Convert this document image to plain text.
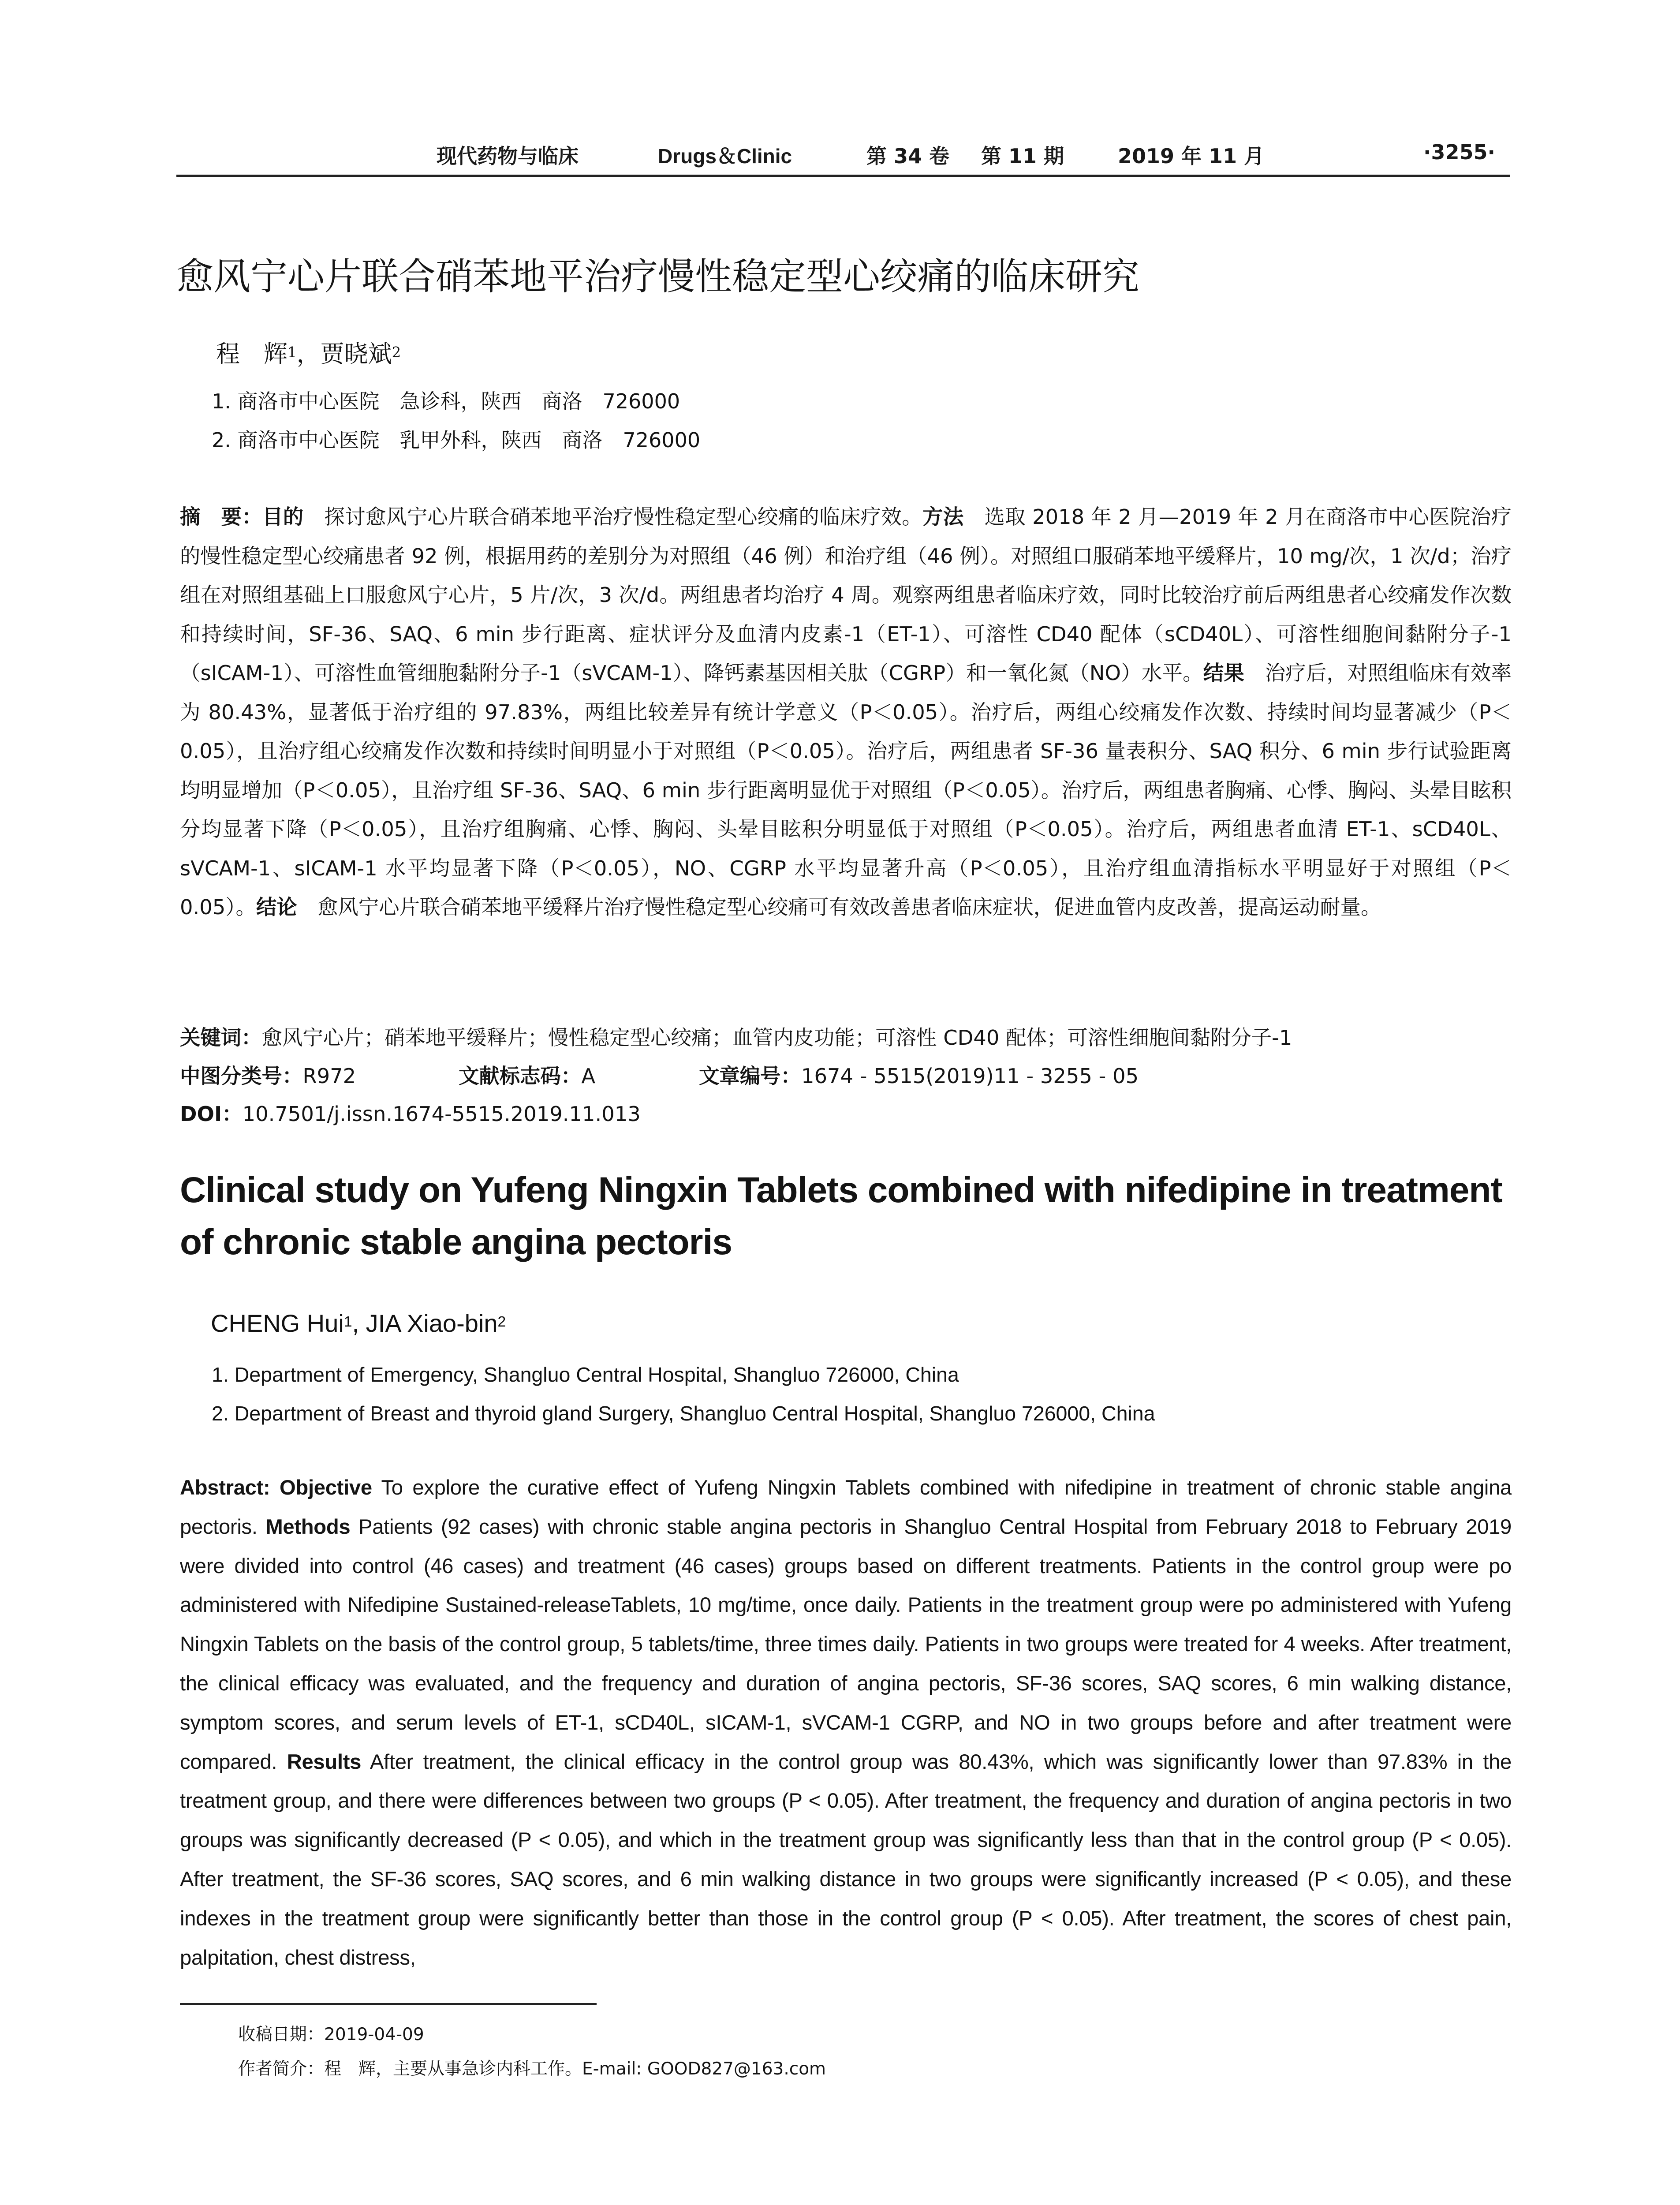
现代药物与临床	Drugs＆Clinic	第 34 卷 第 11 期	2019 年 11 月	·3255·
愈风宁心片联合硝苯地平治疗慢性稳定型心绞痛的临床研究
程　辉$^1$，贾晓斌$^2$
1. 商洛市中心医院　急诊科，陕西　商洛　726000
2. 商洛市中心医院　乳甲外科，陕西　商洛　726000
摘　要：目的　探讨愈风宁心片联合硝苯地平治疗慢性稳定型心绞痛的临床疗效。方法　选取 2018 年 2 月—2019 年 2 月在商洛市中心医院治疗的慢性稳定型心绞痛患者 92 例，根据用药的差别分为对照组（46 例）和治疗组（46 例）。对照组口服硝苯地平缓释片，10 mg/次，1 次/d；治疗组在对照组基础上口服愈风宁心片，5 片/次，3 次/d。两组患者均治疗 4 周。观察两组患者临床疗效，同时比较治疗前后两组患者心绞痛发作次数和持续时间，SF-36、SAQ、6 min 步行距离、症状评分及血清内皮素-1（ET-1）、可溶性 CD40 配体（sCD40L）、可溶性细胞间黏附分子-1（sICAM-1）、可溶性血管细胞黏附分子-1（sVCAM-1）、降钙素基因相关肽（CGRP）和一氧化氮（NO）水平。结果　治疗后，对照组临床有效率为 80.43%，显著低于治疗组的 97.83%，两组比较差异有统计学意义（P＜0.05）。治疗后，两组心绞痛发作次数、持续时间均显著减少（P＜0.05），且治疗组心绞痛发作次数和持续时间明显小于对照组（P＜0.05）。治疗后，两组患者 SF-36 量表积分、SAQ 积分、6 min 步行试验距离均明显增加（P＜0.05），且治疗组 SF-36、SAQ、6 min 步行距离明显优于对照组（P＜0.05）。治疗后，两组患者胸痛、心悸、胸闷、头晕目眩积分均显著下降（P＜0.05），且治疗组胸痛、心悸、胸闷、头晕目眩积分明显低于对照组（P＜0.05）。治疗后，两组患者血清 ET-1、sCD40L、sVCAM-1、sICAM-1 水平均显著下降（P＜0.05），NO、CGRP 水平均显著升高（P＜0.05），且治疗组血清指标水平明显好于对照组（P＜0.05）。结论　愈风宁心片联合硝苯地平缓释片治疗慢性稳定型心绞痛可有效改善患者临床症状，促进血管内皮改善，提高运动耐量。
关键词：愈风宁心片；硝苯地平缓释片；慢性稳定型心绞痛；血管内皮功能；可溶性 CD40 配体；可溶性细胞间黏附分子-1
中图分类号：R972	文献标志码：A	文章编号：1674 - 5515(2019)11 - 3255 - 05
DOI：10.7501/j.issn.1674-5515.2019.11.013
Clinical study on Yufeng Ningxin Tablets combined with nifedipine in treatment of chronic stable angina pectoris
CHENG Hui$^1$, JIA Xiao-bin$^2$
1. Department of Emergency, Shangluo Central Hospital, Shangluo 726000, China
2. Department of Breast and thyroid gland Surgery, Shangluo Central Hospital, Shangluo 726000, China
Abstract: Objective To explore the curative effect of Yufeng Ningxin Tablets combined with nifedipine in treatment of chronic stable angina pectoris. Methods Patients (92 cases) with chronic stable angina pectoris in Shangluo Central Hospital from February 2018 to February 2019 were divided into control (46 cases) and treatment (46 cases) groups based on different treatments. Patients in the control group were po administered with Nifedipine Sustained-releaseTablets, 10 mg/time, once daily. Patients in the treatment group were po administered with Yufeng Ningxin Tablets on the basis of the control group, 5 tablets/time, three times daily. Patients in two groups were treated for 4 weeks. After treatment, the clinical efficacy was evaluated, and the frequency and duration of angina pectoris, SF-36 scores, SAQ scores, 6 min walking distance, symptom scores, and serum levels of ET-1, sCD40L, sICAM-1, sVCAM-1 CGRP, and NO in two groups before and after treatment were compared. Results After treatment, the clinical efficacy in the control group was 80.43%, which was significantly lower than 97.83% in the treatment group, and there were differences between two groups (P < 0.05). After treatment, the frequency and duration of angina pectoris in two groups was significantly decreased (P < 0.05), and which in the treatment group was significantly less than that in the control group (P < 0.05). After treatment, the SF-36 scores, SAQ scores, and 6 min walking distance in two groups were significantly increased (P < 0.05), and these indexes in the treatment group were significantly better than those in the control group (P < 0.05). After treatment, the scores of chest pain, palpitation, chest distress,
收稿日期：2019-04-09
作者简介：程　辉，主要从事急诊内科工作。E-mail: GOOD827@163.com
